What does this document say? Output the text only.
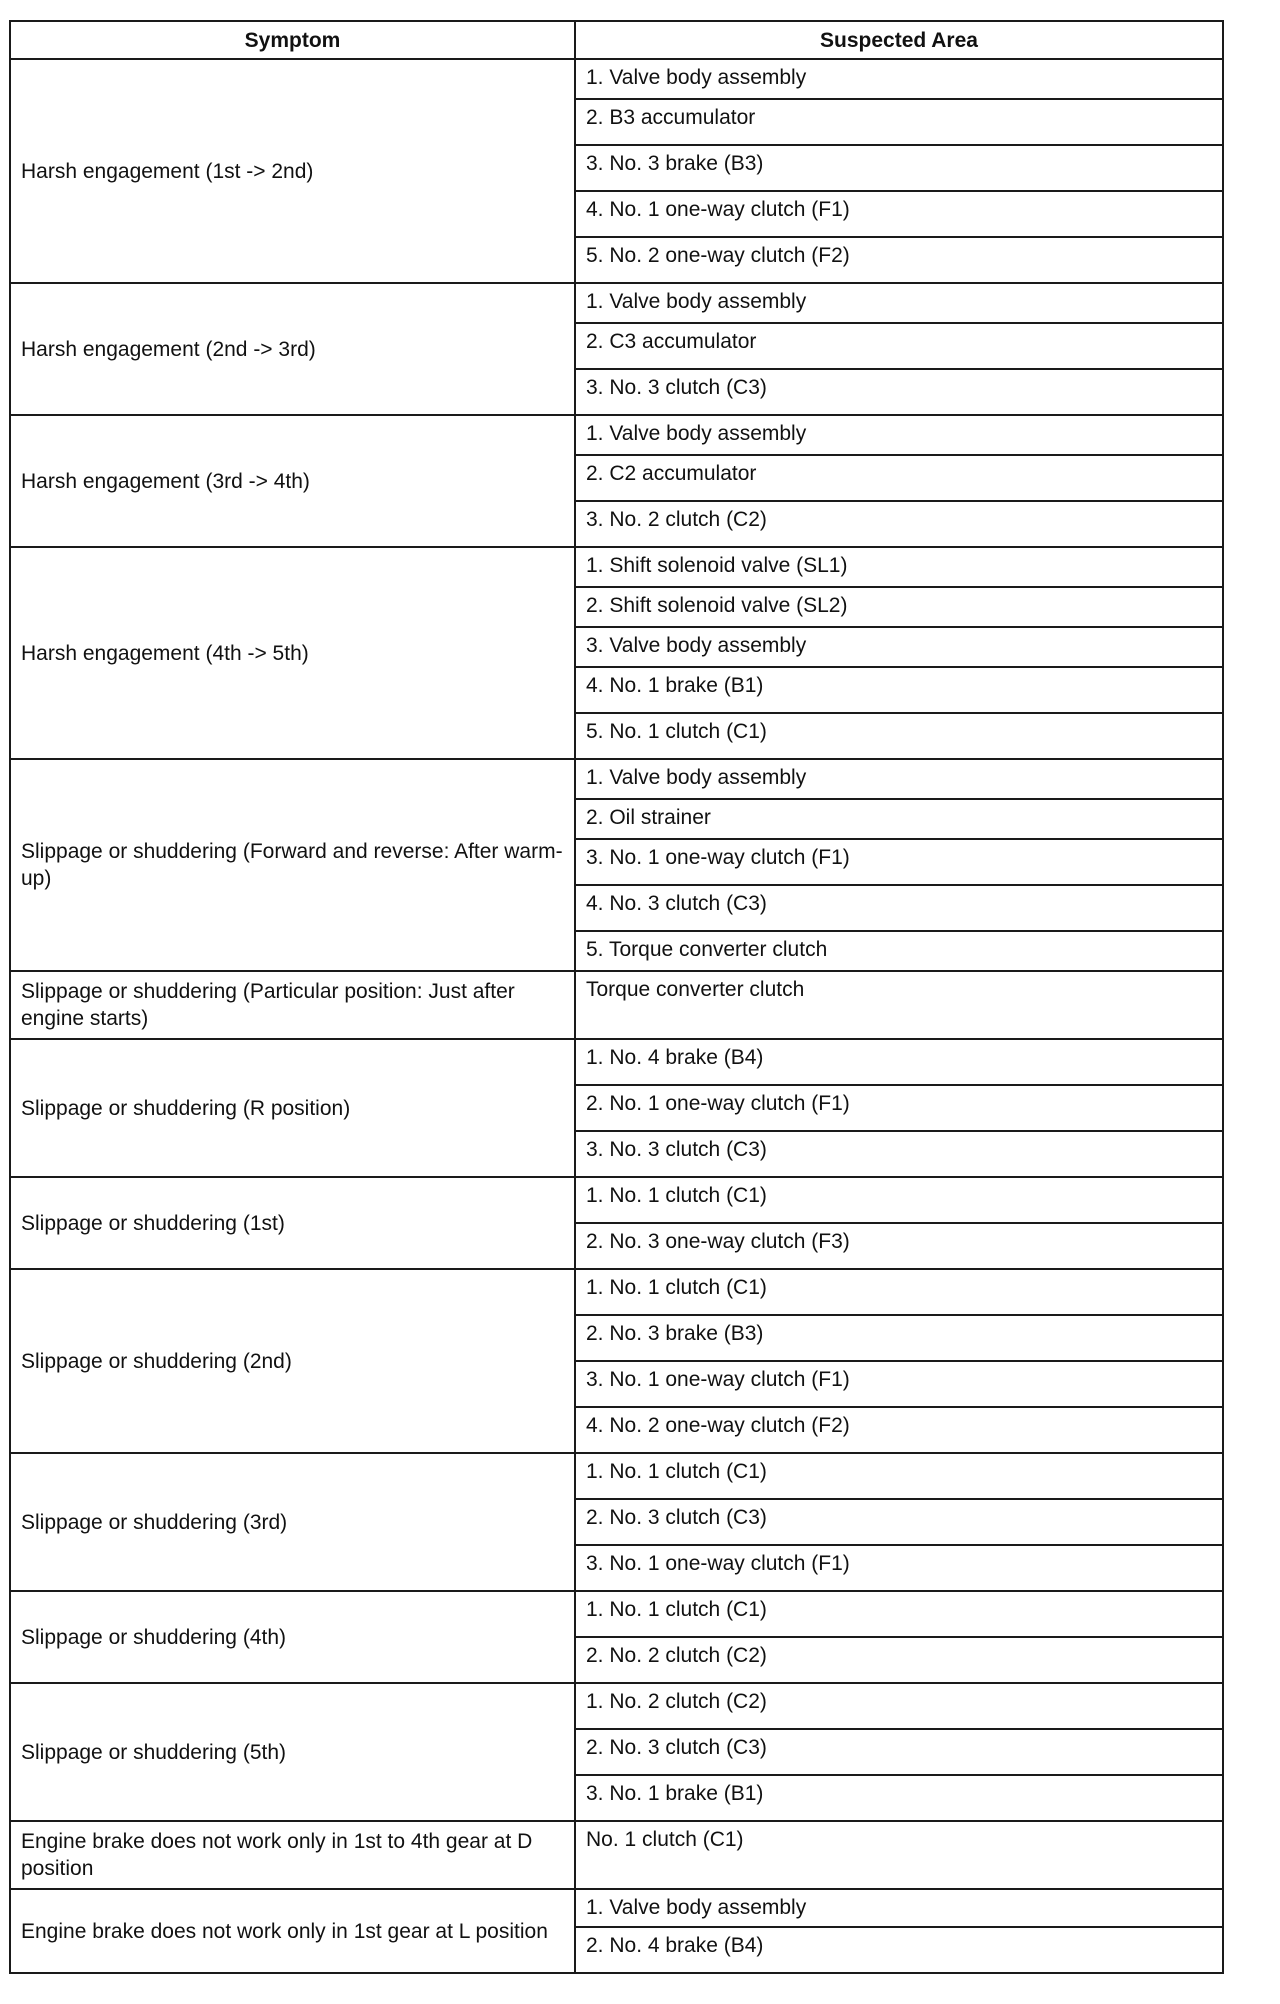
Symptom	Suspected Area
Harsh engagement (1st -> 2nd)	1. Valve body assembly
	2. B3 accumulator
	3. No. 3 brake (B3)
	4. No. 1 one-way clutch (F1)
	5. No. 2 one-way clutch (F2)
Harsh engagement (2nd -> 3rd)	1. Valve body assembly
	2. C3 accumulator
	3. No. 3 clutch (C3)
Harsh engagement (3rd -> 4th)	1. Valve body assembly
	2. C2 accumulator
	3. No. 2 clutch (C2)
Harsh engagement (4th -> 5th)	1. Shift solenoid valve (SL1)
	2. Shift solenoid valve (SL2)
	3. Valve body assembly
	4. No. 1 brake (B1)
	5. No. 1 clutch (C1)
Slippage or shuddering (Forward and reverse: After warm-up)	1. Valve body assembly
	2. Oil strainer
	3. No. 1 one-way clutch (F1)
	4. No. 3 clutch (C3)
	5. Torque converter clutch
Slippage or shuddering (Particular position: Just after engine starts)	Torque converter clutch
Slippage or shuddering (R position)	1. No. 4 brake (B4)
	2. No. 1 one-way clutch (F1)
	3. No. 3 clutch (C3)
Slippage or shuddering (1st)	1. No. 1 clutch (C1)
	2. No. 3 one-way clutch (F3)
Slippage or shuddering (2nd)	1. No. 1 clutch (C1)
	2. No. 3 brake (B3)
	3. No. 1 one-way clutch (F1)
	4. No. 2 one-way clutch (F2)
Slippage or shuddering (3rd)	1. No. 1 clutch (C1)
	2. No. 3 clutch (C3)
	3. No. 1 one-way clutch (F1)
Slippage or shuddering (4th)	1. No. 1 clutch (C1)
	2. No. 2 clutch (C2)
Slippage or shuddering (5th)	1. No. 2 clutch (C2)
	2. No. 3 clutch (C3)
	3. No. 1 brake (B1)
Engine brake does not work only in 1st to 4th gear at D position	No. 1 clutch (C1)
Engine brake does not work only in 1st gear at L position	1. Valve body assembly
	2. No. 4 brake (B4)
